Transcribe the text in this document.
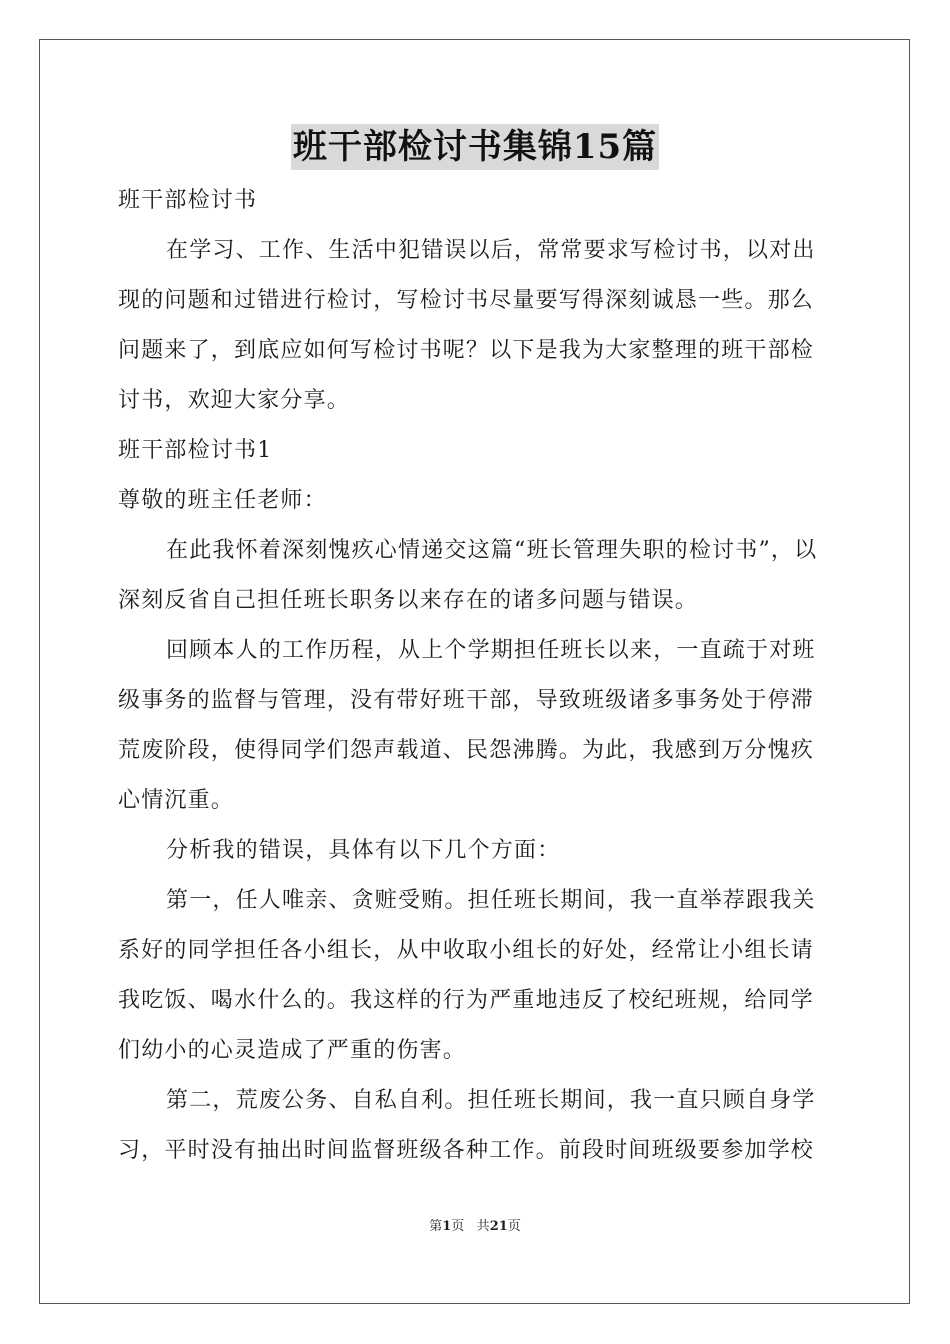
班干部检讨书集锦15篇

班干部检讨书

在学习、工作、生活中犯错误以后，常常要求写检讨书，以对出现的问题和过错进行检讨，写检讨书尽量要写得深刻诚恳一些。那么问题来了，到底应如何写检讨书呢？以下是我为大家整理的班干部检讨书，欢迎大家分享。

班干部检讨书1

尊敬的班主任老师：

在此我怀着深刻愧疚心情递交这篇“班长管理失职的检讨书”，以深刻反省自己担任班长职务以来存在的诸多问题与错误。

回顾本人的工作历程，从上个学期担任班长以来，一直疏于对班级事务的监督与管理，没有带好班干部，导致班级诸多事务处于停滞荒废阶段，使得同学们怨声载道、民怨沸腾。为此，我感到万分愧疚心情沉重。

分析我的错误，具体有以下几个方面：

第一，任人唯亲、贪赃受贿。担任班长期间，我一直举荐跟我关系好的同学担任各小组长，从中收取小组长的好处，经常让小组长请我吃饭、喝水什么的。我这样的行为严重地违反了校纪班规，给同学们幼小的心灵造成了严重的伤害。

第二，荒废公务、自私自利。担任班长期间，我一直只顾自身学习，平时没有抽出时间监督班级各种工作。前段时间班级要参加学校

第1页 共21页
